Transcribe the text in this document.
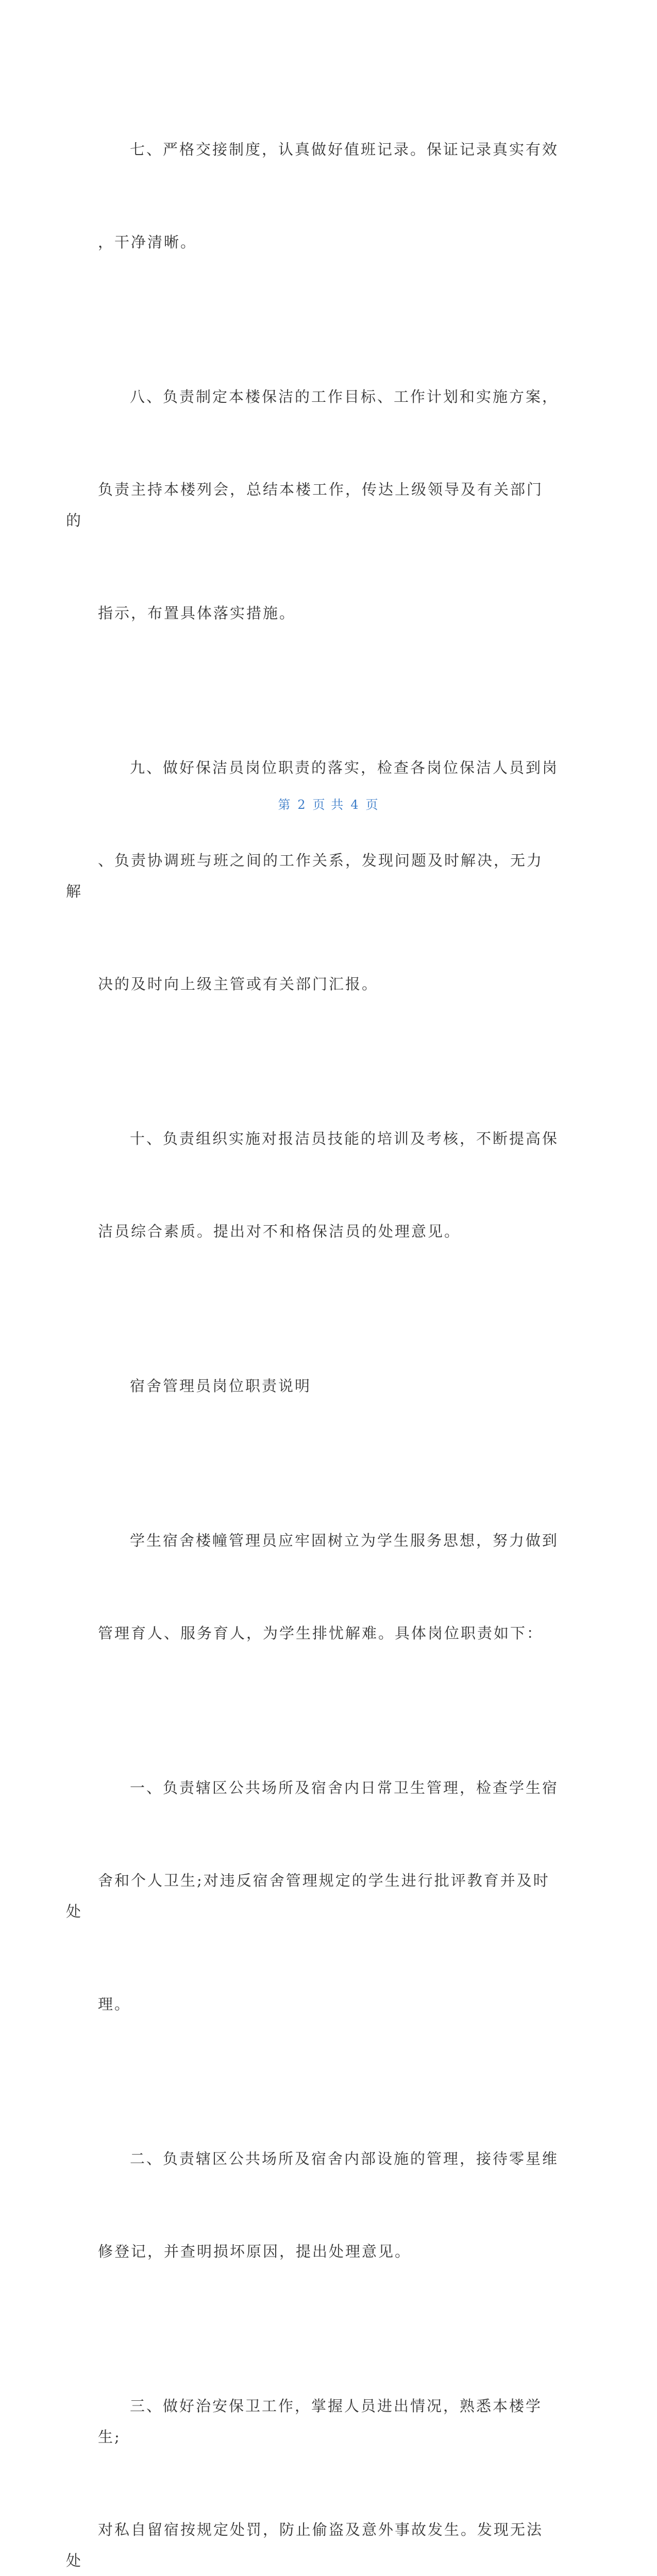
七、严格交接制度，认真做好值班记录。保证记录真实有效

，干净清晰。

八、负责制定本楼保洁的工作目标、工作计划和实施方案，

负责主持本楼列会，总结本楼工作，传达上级领导及有关部门的

指示，布置具体落实措施。

九、做好保洁员岗位职责的落实，检查各岗位保洁人员到岗

、负责协调班与班之间的工作关系，发现问题及时解决，无力解

决的及时向上级主管或有关部门汇报。

十、负责组织实施对报洁员技能的培训及考核，不断提高保

洁员综合素质。提出对不和格保洁员的处理意见。

宿舍管理员岗位职责说明

学生宿舍楼幢管理员应牢固树立为学生服务思想，努力做到

管理育人、服务育人，为学生排忧解难。具体岗位职责如下：

一、负责辖区公共场所及宿舍内日常卫生管理，检查学生宿

舍和个人卫生;对违反宿舍管理规定的学生进行批评教育并及时处

理。

二、负责辖区公共场所及宿舍内部设施的管理，接待零星维

修登记，并查明损坏原因，提出处理意见。

三、做好治安保卫工作，掌握人员进出情况，熟悉本楼学生;

对私自留宿按规定处罚，防止偷盗及意外事故发生。发现无法处

第 2 页 共 4 页
